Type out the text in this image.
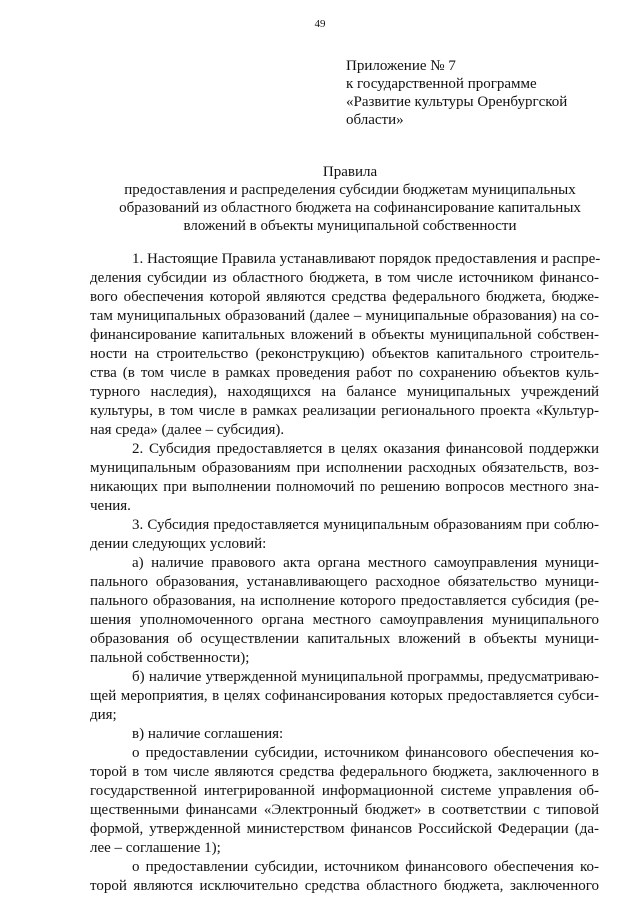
49
Приложение № 7
к государственной программе
«Развитие культуры Оренбургской
области»
Правила
предоставления и распределения субсидии бюджетам муниципальных
образований из областного бюджета на софинансирование капитальных
вложений в объекты муниципальной собственности
1. Настоящие Правила устанавливают порядок предоставления и распре-
деления субсидии из областного бюджета, в том числе источником финансо-
вого обеспечения которой являются средства федерального бюджета, бюдже-
там муниципальных образований (далее – муниципальные образования) на со-
финансирование капитальных вложений в объекты муниципальной собствен-
ности на строительство (реконструкцию) объектов капитального строитель-
ства (в том числе в рамках проведения работ по сохранению объектов куль-
турного наследия), находящихся на балансе муниципальных учреждений
культуры, в том числе в рамках реализации регионального проекта «Культур-
ная среда» (далее – субсидия).
2. Субсидия предоставляется в целях оказания финансовой поддержки
муниципальным образованиям при исполнении расходных обязательств, воз-
никающих при выполнении полномочий по решению вопросов местного зна-
чения.
3. Субсидия предоставляется муниципальным образованиям при соблю-
дении следующих условий:
а) наличие правового акта органа местного самоуправления муници-
пального образования, устанавливающего расходное обязательство муници-
пального образования, на исполнение которого предоставляется субсидия (ре-
шения уполномоченного органа местного самоуправления муниципального
образования об осуществлении капитальных вложений в объекты муници-
пальной собственности);
б) наличие утвержденной муниципальной программы, предусматриваю-
щей мероприятия, в целях софинансирования которых предоставляется субси-
дия;
в) наличие соглашения:
о предоставлении субсидии, источником финансового обеспечения ко-
торой в том числе являются средства федерального бюджета, заключенного в
государственной интегрированной информационной системе управления об-
щественными финансами «Электронный бюджет» в соответствии с типовой
формой, утвержденной министерством финансов Российской Федерации (да-
лее – соглашение 1);
о предоставлении субсидии, источником финансового обеспечения ко-
торой являются исключительно средства областного бюджета, заключенного
